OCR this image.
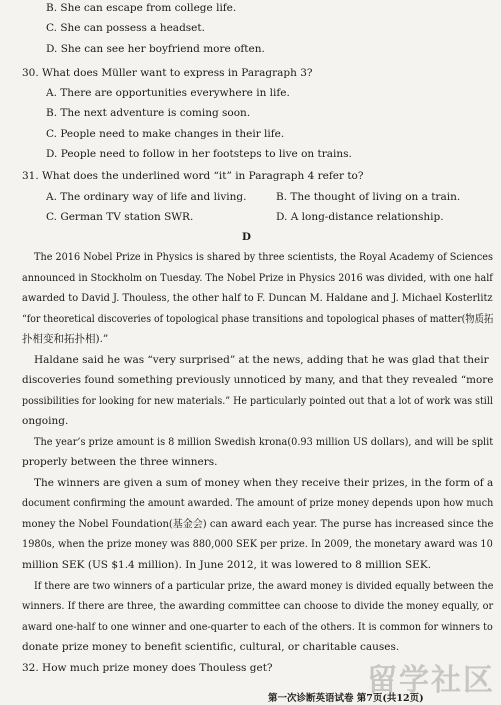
B. She can escape from college life.
C. She can possess a headset.
D. She can see her boyfriend more often.
30. What does Müller want to express in Paragraph 3?
A. There are opportunities everywhere in life.
B. The next adventure is coming soon.
C. People need to make changes in their life.
D. People need to follow in her footsteps to live on trains.
31. What does the underlined word “it” in Paragraph 4 refer to?
A. The ordinary way of life and living.	B. The thought of living on a train.
C. German TV station SWR.	D. A long-distance relationship.
D
The 2016 Nobel Prize in Physics is shared by three scientists, the Royal Academy of Sciences
announced in Stockholm on Tuesday. The Nobel Prize in Physics 2016 was divided, with one half
awarded to David J. Thouless, the other half to F. Duncan M. Haldane and J. Michael Kosterlitz
“for theoretical discoveries of topological phase transitions and topological phases of matter(物质拓
扑相变和拓扑相).”
Haldane said he was “very surprised” at the news, adding that he was glad that their
discoveries found something previously unnoticed by many, and that they revealed “more
possibilities for looking for new materials.” He particularly pointed out that a lot of work was still
ongoing.
The year’s prize amount is 8 million Swedish krona(0.93 million US dollars), and will be split
properly between the three winners.
The winners are given a sum of money when they receive their prizes, in the form of a
document confirming the amount awarded. The amount of prize money depends upon how much
money the Nobel Foundation(基金会) can award each year. The purse has increased since the
1980s, when the prize money was 880,000 SEK per prize. In 2009, the monetary award was 10
million SEK (US $1.4 million). In June 2012, it was lowered to 8 million SEK.
If there are two winners of a particular prize, the award money is divided equally between the
winners. If there are three, the awarding committee can choose to divide the money equally, or
award one-half to one winner and one-quarter to each of the others. It is common for winners to
donate prize money to benefit scientific, cultural, or charitable causes.
32. How much prize money does Thouless get?
第一次诊断英语试卷 第7页(共12页)
留学社区
